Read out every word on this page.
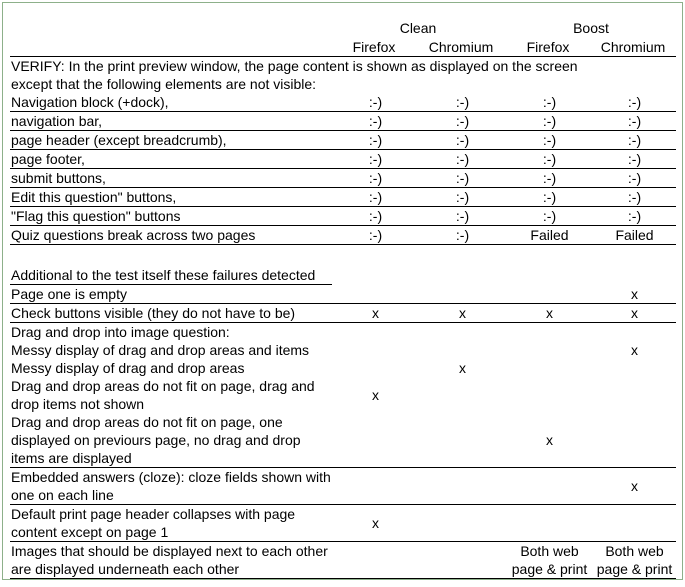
Clean	Boost
Firefox	Chromium	Firefox	Chromium
VERIFY: In the print preview window, the page content is shown as displayed on the screen except that the following elements are not visible:				
Navigation block (+dock),	:-)	:-)	:-)	:-)
navigation bar,	:-)	:-)	:-)	:-)
page header (except breadcrumb),	:-)	:-)	:-)	:-)
page footer,	:-)	:-)	:-)	:-)
submit buttons,	:-)	:-)	:-)	:-)
Edit this question" buttons,	:-)	:-)	:-)	:-)
"Flag this question" buttons	:-)	:-)	:-)	:-)
Quiz questions break across two pages	:-)	:-)	Failed	Failed

Additional to the test itself these failures detected				
Page one is empty				x
Check buttons visible (they do not have to be)	x	x	x	x
Drag and drop into image question:				
Messy display of drag and drop areas and items				x
Messy display of drag and drop areas		x		
Drag and drop areas do not fit on page, drag and drop items not shown	x			
Drag and drop areas do not fit on page, one displayed on previours page, no drag and drop items are displayed			x	
Embedded answers (cloze): cloze fields shown with one on each line				x
Default print page header collapses with page content except on page 1	x			
Images that should be displayed next to each other are displayed underneath each other			Both web page & print	Both web page & print
